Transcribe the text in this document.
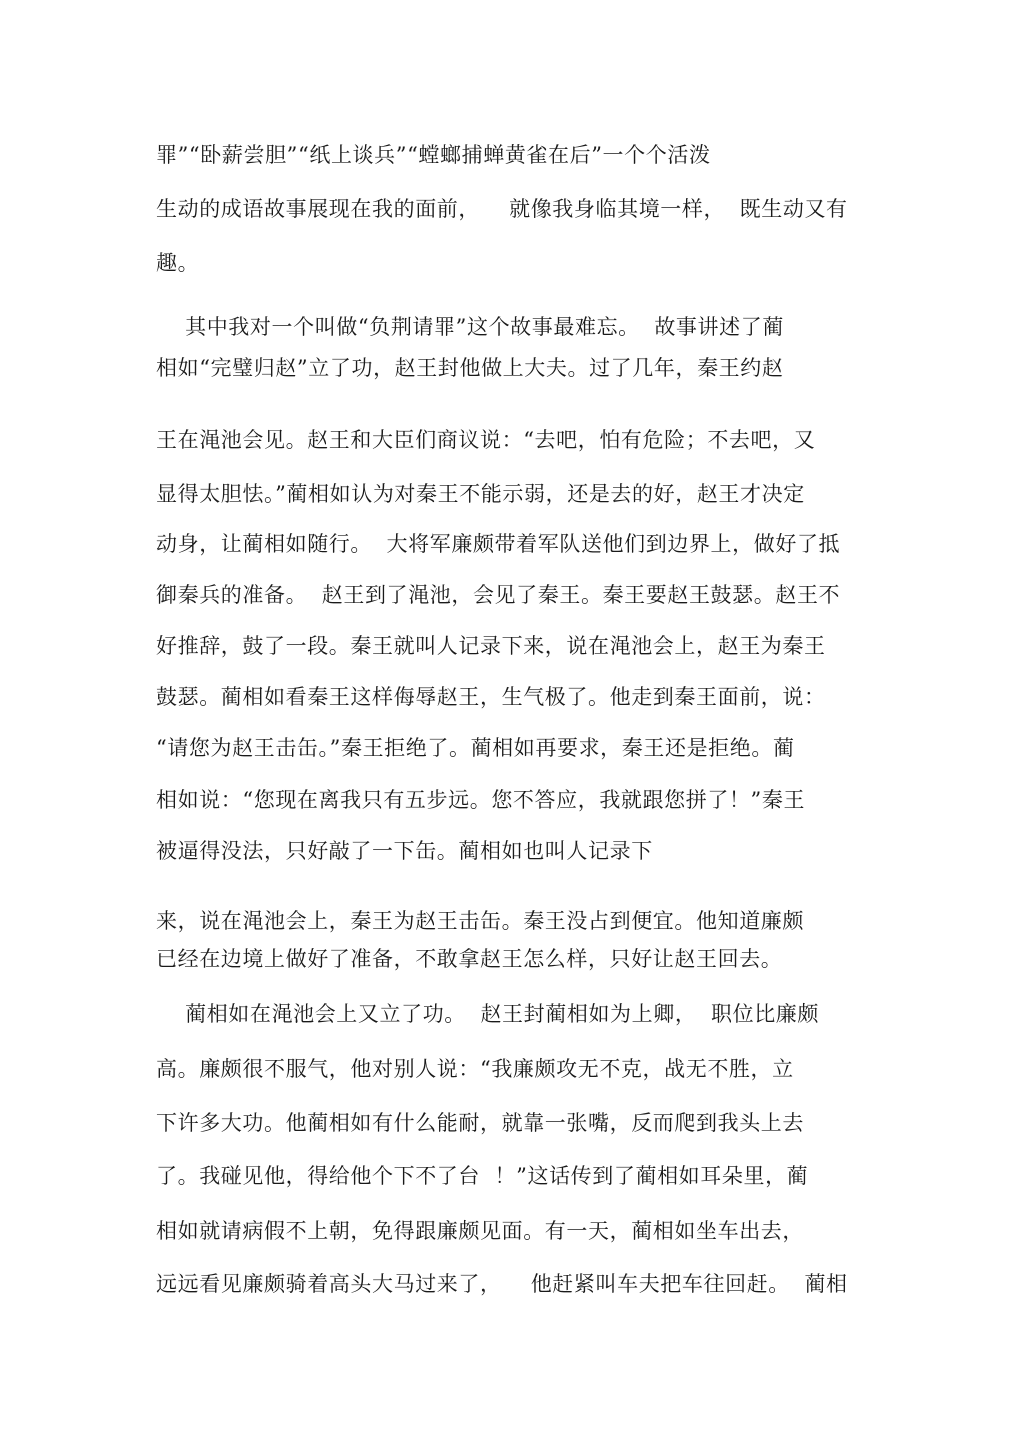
罪”“卧薪尝胆”“纸上谈兵”“螳螂捕蝉黄雀在后”一个个活泼
生动的成语故事展现在我的面前，    就像我身临其境一样，  既生动又有
趣。
其中我对一个叫做“负荆请罪”这个故事最难忘。  故事讲述了蔺
相如“完璧归赵”立了功，赵王封他做上大夫。过了几年，秦王约赵
王在渑池会见。赵王和大臣们商议说：“去吧，怕有危险；不去吧，又
显得太胆怯。”蔺相如认为对秦王不能示弱，还是去的好，赵王才决定
动身，让蔺相如随行。  大将军廉颇带着军队送他们到边界上，做好了抵
御秦兵的准备。  赵王到了渑池，会见了秦王。秦王要赵王鼓瑟。赵王不
好推辞，鼓了一段。秦王就叫人记录下来，说在渑池会上，赵王为秦王
鼓瑟。蔺相如看秦王这样侮辱赵王，生气极了。他走到秦王面前，说：
“请您为赵王击缶。”秦王拒绝了。蔺相如再要求，秦王还是拒绝。蔺
相如说：“您现在离我只有五步远。您不答应，我就跟您拼了！”秦王
被逼得没法，只好敲了一下缶。蔺相如也叫人记录下
来，说在渑池会上，秦王为赵王击缶。秦王没占到便宜。他知道廉颇
已经在边境上做好了准备，不敢拿赵王怎么样，只好让赵王回去。
蔺相如在渑池会上又立了功。  赵王封蔺相如为上卿，  职位比廉颇
高。廉颇很不服气，他对别人说：“我廉颇攻无不克，战无不胜，立
下许多大功。他蔺相如有什么能耐，就靠一张嘴，反而爬到我头上去
了。我碰见他，得给他个下不了台  ！”这话传到了蔺相如耳朵里，蔺
相如就请病假不上朝，免得跟廉颇见面。有一天，蔺相如坐车出去，
远远看见廉颇骑着高头大马过来了，    他赶紧叫车夫把车往回赶。  蔺相
